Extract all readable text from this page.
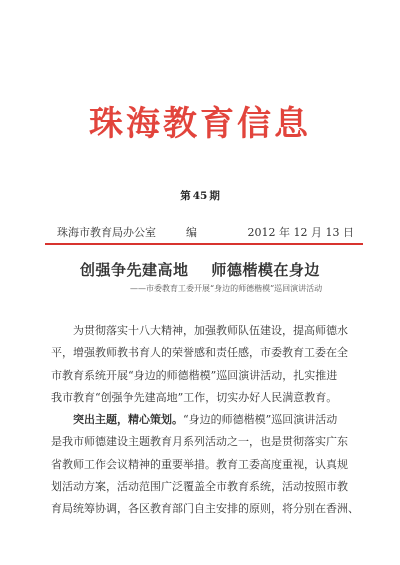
珠海教育信息
第 45 期
珠海市教育局办公室	编	2012 年 12 月 13 日
创强争先建高地    师德楷模在身边
——市委教育工委开展“身边的师德楷模”巡回演讲活动
为贯彻落实十八大精神，加强教师队伍建设，提高师德水
平，增强教师教书育人的荣誉感和责任感，市委教育工委在全
市教育系统开展“身边的师德楷模”巡回演讲活动，扎实推进
我市教育“创强争先建高地”工作，切实办好人民满意教育。
突出主题，精心策划。“身边的师德楷模”巡回演讲活动
是我市师德建设主题教育月系列活动之一，也是贯彻落实广东
省教师工作会议精神的重要举措。教育工委高度重视，认真规
划活动方案，活动范围广泛覆盖全市教育系统，活动按照市教
育局统筹协调，各区教育部门自主安排的原则，将分别在香洲、
